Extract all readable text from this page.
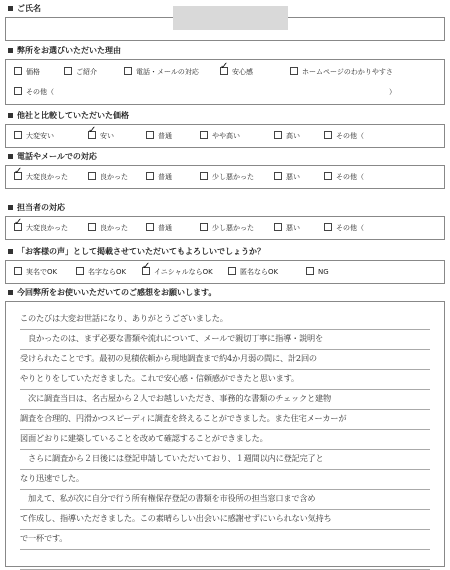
ご氏名
弊所をお選びいただいた理由
価格	ご紹介	電話・メールの対応 ✓	安心感	ホームページのわかりやすさ
その他（	）
他社と比較していただいた価格
大変安い ✓	安い	普通	やや高い	高い	その他（
電話やメールでの対応
✓大変良かった	良かった	普通	少し悪かった	悪い	その他（
担当者の対応
✓大変良かった	良かった	普通	少し悪かった	悪い	その他（
「お客様の声」として掲載させていただいてもよろしいでしょうか？
実名でOK	名字ならOK ✓	イニシャルならOK	匿名ならOK	NG
今回弊所をお使いいただいてのご感想をお願いします。
このたびは大変お世話になり、ありがとうございました。
　良かったのは、まず必要な書類や流れについて、メールで親切丁寧に指導・説明を
受けられたことです。最初の見積依頼から現地調査まで約4か月弱の間に、計2回の
やりとりをしていただきました。これで安心感・信頼感ができたと思います。
　次に調査当日は、名古屋から２人でお越しいただき、事務的な書類のチェックと建物
調査を合理的、円滑かつスピーディに調査を終えることができました。また住宅メーカーが
図面どおりに建築していることを改めて確認することができました。
　さらに調査から２日後には登記申請していただいており、１週間以内に登記完了と
なり迅速でした。
　加えて、私が次に自分で行う所有権保存登記の書類を市役所の担当窓口まで含め
て作成し、指導いただきました。この素晴らしい出会いに感謝せずにいられない気持ち
で一杯です。
